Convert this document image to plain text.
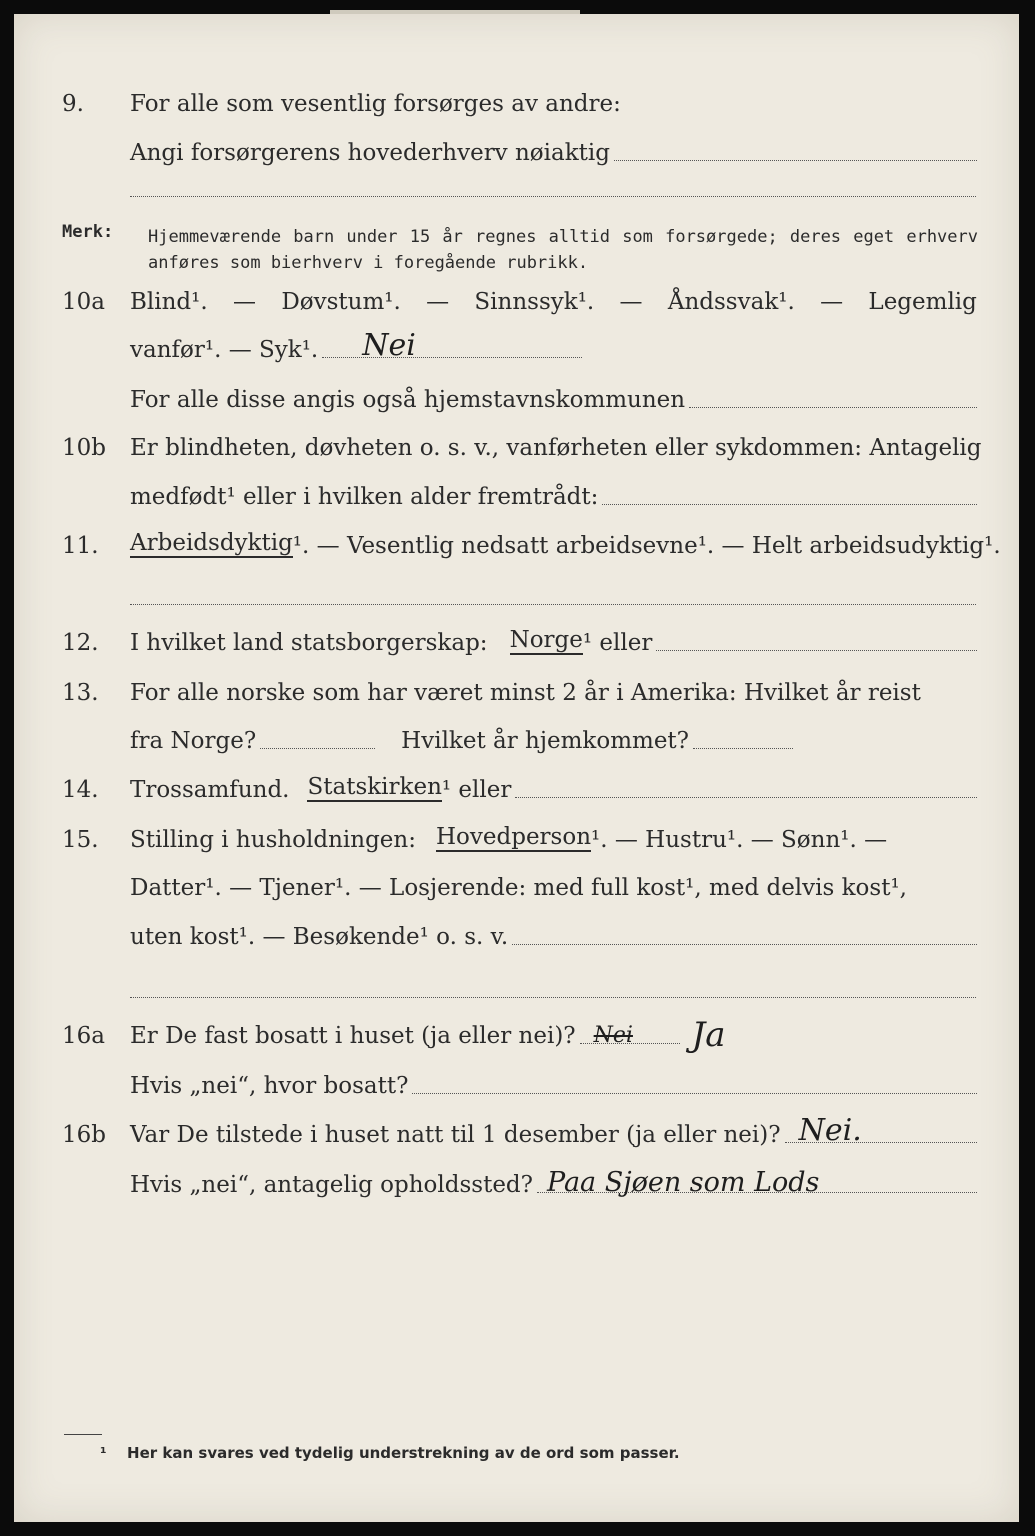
9. For alle som vesentlig forsørges av andre:
Angi forsørgerens hovederhverv nøiaktig
Merk: Hjemmeværende barn under 15 år regnes alltid som forsørgede; deres eget erhverv anføres som bierhverv i foregående rubrikk.
10a Blind¹. — Døvstum¹. — Sinnssyk¹. — Åndssvak¹. — Legemlig
vanfør¹. — Syk¹. Nei
For alle disse angis også hjemstavnskommunen
10b Er blindheten, døvheten o. s. v., vanførheten eller sykdommen: Antagelig
medfødt¹ eller i hvilken alder fremtrådt:
11. Arbeidsdyktig ¹. — Vesentlig nedsatt arbeidsevne¹. — Helt arbeidsudyktig¹.
12. I hvilket land statsborgerskap: Norge ¹ eller
13. For alle norske som har været minst 2 år i Amerika: Hvilket år reist
fra Norge?	Hvilket år hjemkommet?
14. Trossamfund. Statskirken ¹ eller
15. Stilling i husholdningen: Hovedperson ¹. — Hustru¹. — Sønn¹. —
Datter¹. — Tjener¹. — Losjerende: med full kost¹, med delvis kost¹,
uten kost¹. — Besøkende¹ o. s. v.
16a Er De fast bosatt i huset (ja eller nei)? Nei Ja
Hvis „nei“, hvor bosatt?
16b Var De tilstede i huset natt til 1 desember (ja eller nei)? Nei.
Hvis „nei“, antagelig opholdssted? Paa Sjøen som Lods
¹ Her kan svares ved tydelig understrekning av de ord som passer.
